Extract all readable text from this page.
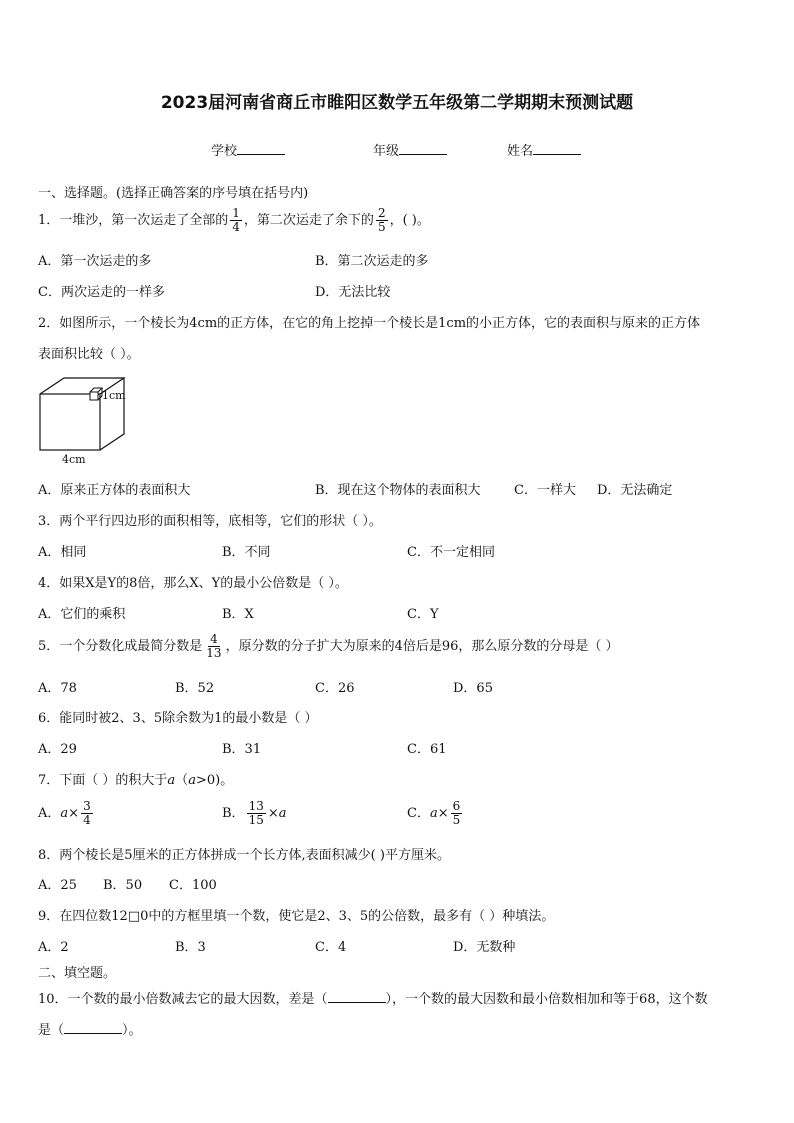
2023届河南省商丘市睢阳区数学五年级第二学期期末预测试题
学校	年级	姓名
一、选择题。(选择正确答案的序号填在括号内)
1．一堆沙，第一次运走了全部的 $\frac{1}{4}$ ，第二次运走了余下的 $\frac{2}{5}$ ，( )。
A．第一次运走的多	B．第二次运走的多
C．两次运走的一样多	D．无法比较
2．如图所示，一个棱长为4cm的正方体，在它的角上挖掉一个棱长是1cm的小正方体，它的表面积与原来的正方体
表面积比较（ ）。
1cm
4cm
A．原来正方体的表面积大	B．现在这个物体的表面积大	C．一样大 D．无法确定
3．两个平行四边形的面积相等，底相等，它们的形状（ ）。
A．相同	B．不同	C．不一定相同
4．如果X是Y的8倍，那么X、Y的最小公倍数是（ ）。
A．它们的乘积	B．X	C．Y
5．一个分数化成最简分数是 $\frac{4}{13}$ ，原分数的分子扩大为原来的4倍后是96，那么原分数的分母是（ ）
A．78	B．52	C．26	D．65
6．能同时被2、3、5除余数为1的最小数是（ ）
A．29	B．31	C．61
7．下面（ ）的积大于a（a>0)。
A．$a\times \frac{3}{4}$	B． $\frac{13}{15} \times a$	C．$a\times \frac{6}{5}$
8．两个棱长是5厘米的正方体拼成一个长方体,表面积减少( )平方厘米。
A．25 B．50 C．100
9．在四位数12□0中的方框里填一个数，使它是2、3、5的公倍数，最多有（ ）种填法。
A．2	B．3	C．4	D．无数种
二、填空题。
10．一个数的最小倍数减去它的最大因数，差是（	），一个数的最大因数和最小倍数相加和等于68，这个数
是（	）。
